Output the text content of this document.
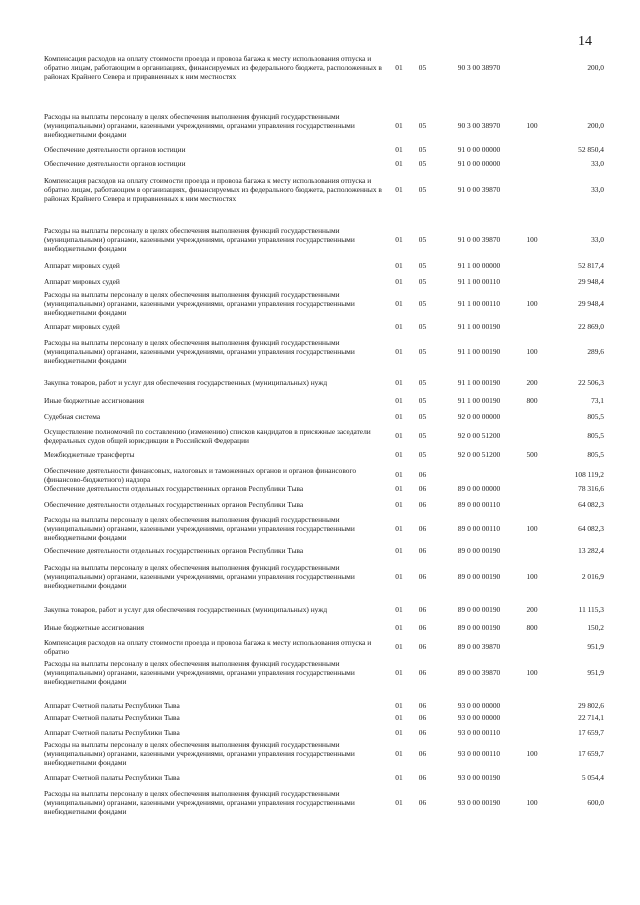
14
Компенсация расходов на оплату стоимости проезда и провоза багажа к месту использования отпуска и обратно лицам, работающим в организациях, финансируемых из федерального бюджета, расположенных в районах Крайнего Севера и приравненных к ним местностях
01	05	90 3 00 38970	200,0
Расходы на выплаты персоналу в целях обеспечения выполнения функций государственными (муниципальными) органами, казенными учреждениями, органами управления государственными внебюджетными фондами
01	05	90 3 00 38970	100	200,0
Обеспечение деятельности органов юстиции	01	05	91 0 00 00000	52 850,4
Обеспечение деятельности органов юстиции	01	05	91 0 00 00000	33,0
Компенсация расходов на оплату стоимости проезда и провоза багажа к месту использования отпуска и обратно лицам, работающим в организациях, финансируемых из федерального бюджета, расположенных в районах Крайнего Севера и приравненных к ним местностях
01	05	91 0 00 39870	33,0
Расходы на выплаты персоналу в целях обеспечения выполнения функций государственными (муниципальными) органами, казенными учреждениями, органами управления государственными внебюджетными фондами
01	05	91 0 00 39870	100	33,0
Аппарат мировых судей	01	05	91 1 00 00000	52 817,4
Аппарат мировых судей	01	05	91 1 00 00110	29 948,4
Расходы на выплаты персоналу в целях обеспечения выполнения функций государственными (муниципальными) органами, казенными учреждениями, органами управления государственными внебюджетными фондами
01	05	91 1 00 00110	100	29 948,4
Аппарат мировых судей	01	05	91 1 00 00190	22 869,0
Расходы на выплаты персоналу в целях обеспечения выполнения функций государственными (муниципальными) органами, казенными учреждениями, органами управления государственными внебюджетными фондами
01	05	91 1 00 00190	100	289,6
Закупка товаров, работ и услуг для обеспечения государственных (муниципальных) нужд	01	05	91 1 00 00190	200	22 506,3
Иные бюджетные ассигнования	01	05	91 1 00 00190	800	73,1
Судебная система	01	05	92 0 00 00000	805,5
Осуществление полномочий по составлению (изменению) списков кандидатов в присяжные заседатели федеральных судов общей юрисдикции в Российской Федерации
01	05	92 0 00 51200	805,5
Межбюджетные трансферты	01	05	92 0 00 51200	500	805,5
Обеспечение деятельности финансовых, налоговых и таможенных органов и органов финансового (финансово-бюджетного) надзора
01	06	108 119,2
Обеспечение деятельности отдельных государственных органов Республики Тыва	01	06	89 0 00 00000	78 316,6
Обеспечение деятельности отдельных государственных органов Республики Тыва	01	06	89 0 00 00110	64 082,3
Расходы на выплаты персоналу в целях обеспечения выполнения функций государственными (муниципальными) органами, казенными учреждениями, органами управления государственными внебюджетными фондами
01	06	89 0 00 00110	100	64 082,3
Обеспечение деятельности отдельных государственных органов Республики Тыва	01	06	89 0 00 00190	13 282,4
Расходы на выплаты персоналу в целях обеспечения выполнения функций государственными (муниципальными) органами, казенными учреждениями, органами управления государственными внебюджетными фондами
01	06	89 0 00 00190	100	2 016,9
Закупка товаров, работ и услуг для обеспечения государственных (муниципальных) нужд	01	06	89 0 00 00190	200	11 115,3
Иные бюджетные ассигнования	01	06	89 0 00 00190	800	150,2
Компенсация расходов на оплату стоимости проезда и провоза багажа к месту использования отпуска и обратно
01	06	89 0 00 39870	951,9
Расходы на выплаты персоналу в целях обеспечения выполнения функций государственными (муниципальными) органами, казенными учреждениями, органами управления государственными внебюджетными фондами
01	06	89 0 00 39870	100	951,9
Аппарат Счетной палаты Республики Тыва	01	06	93 0 00 00000	29 802,6
Аппарат Счетной палаты Республики Тыва	01	06	93 0 00 00000	22 714,1
Аппарат Счетной палаты Республики Тыва	01	06	93 0 00 00110	17 659,7
Расходы на выплаты персоналу в целях обеспечения выполнения функций государственными (муниципальными) органами, казенными учреждениями, органами управления государственными внебюджетными фондами
01	06	93 0 00 00110	100	17 659,7
Аппарат Счетной палаты Республики Тыва	01	06	93 0 00 00190	5 054,4
Расходы на выплаты персоналу в целях обеспечения выполнения функций государственными (муниципальными) органами, казенными учреждениями, органами управления государственными внебюджетными фондами
01	06	93 0 00 00190	100	600,0
